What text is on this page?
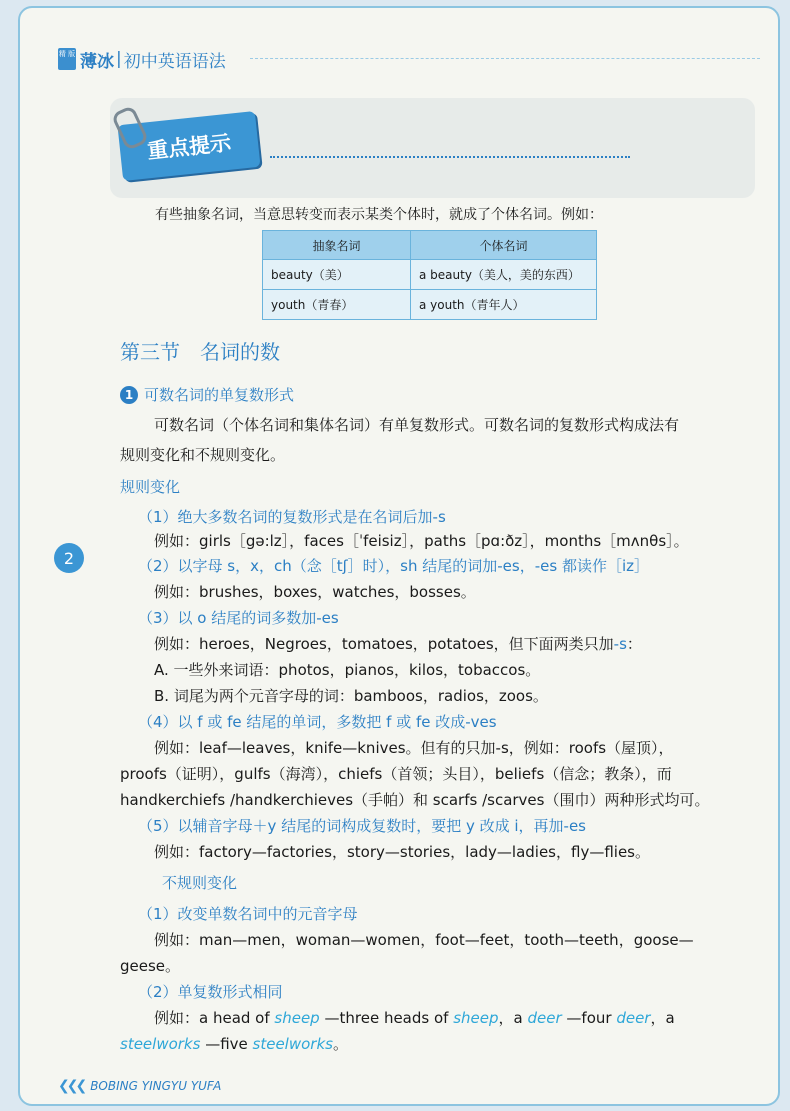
精 版 薄冰 | 初中英语语法
重点提示
有些抽象名词，当意思转变而表示某类个体时，就成了个体名词。例如：
抽象名词	个体名词
beauty（美）	a beauty（美人，美的东西）
youth（青春）	a youth（青年人）
第三节　名词的数
1 可数名词的单复数形式
可数名词（个体名词和集体名词）有单复数形式。可数名词的复数形式构成法有
规则变化和不规则变化。
规则变化
（1）绝大多数名词的复数形式是在名词后加-s
例如：girls［gə:lz］，faces［ˈfeisiz］，paths［pɑ:ðz］，months［mʌnθs］。
（2）以字母 s，x，ch（念［tʃ］时），sh 结尾的词加-es，-es 都读作［iz］
例如：brushes，boxes，watches，bosses。
（3）以 o 结尾的词多数加-es
例如：heroes，Negroes，tomatoes，potatoes，但下面两类只加-s：
A. 一些外来词语：photos，pianos，kilos，tobaccos。
B. 词尾为两个元音字母的词：bamboos，radios，zoos。
（4）以 f 或 fe 结尾的单词，多数把 f 或 fe 改成-ves
例如：leaf—leaves，knife—knives。但有的只加-s，例如：roofs（屋顶），
proofs（证明），gulfs（海湾），chiefs（首领；头目），beliefs（信念；教条），而
handkerchiefs /handkerchieves（手帕）和 scarfs /scarves（围巾）两种形式均可。
（5）以辅音字母＋y 结尾的词构成复数时，要把 y 改成 i，再加-es
例如：factory—factories，story—stories，lady—ladies，fly—flies。
不规则变化
（1）改变单数名词中的元音字母
例如：man—men，woman—women，foot—feet，tooth—teeth，goose—
geese。
（2）单复数形式相同
例如：a head of sheep —three heads of sheep，a deer —four deer，a
steelworks —five steelworks。
2
❮❮❮ BOBING YINGYU YUFA
